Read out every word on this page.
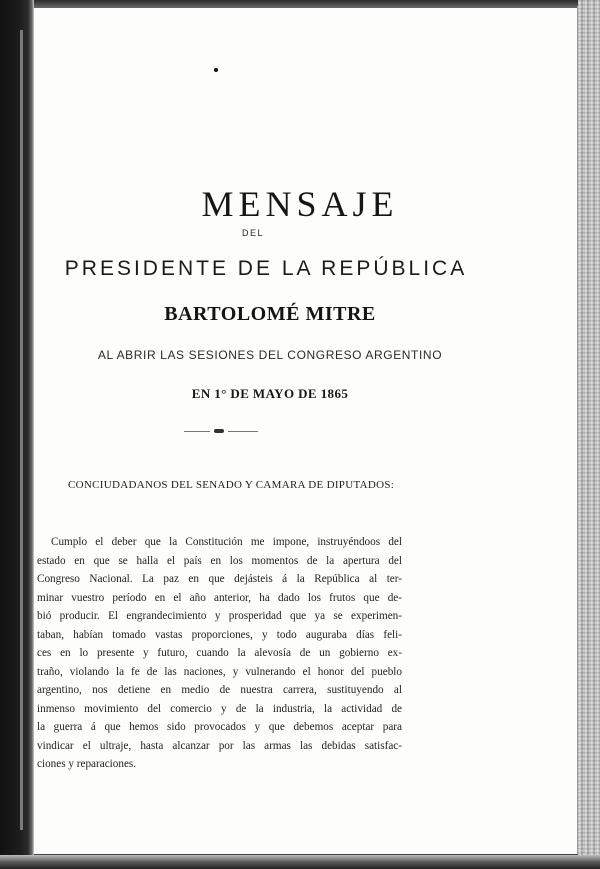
MENSAJE
DEL
PRESIDENTE DE LA REPÚBLICA
BARTOLOMÉ MITRE
AL ABRIR LAS SESIONES DEL CONGRESO ARGENTINO
EN 1° DE MAYO DE 1865
CONCIUDADANOS DEL SENADO Y CAMARA DE DIPUTADOS:
Cumplo el deber que la Constitución me impone, instruyéndoos del
estado en que se halla el país en los momentos de la apertura del
Congreso Nacional. La paz en que dejásteis á la República al ter-
minar vuestro período en el año anterior, ha dado los frutos que de-
bió producir. El engrandecimiento y prosperidad que ya se experimen-
taban, habían tomado vastas proporciones, y todo auguraba días feli-
ces en lo presente y futuro, cuando la alevosía de un gobierno ex-
traño, violando la fe de las naciones, y vulnerando el honor del pueblo
argentino, nos detiene en medio de nuestra carrera, sustituyendo al
inmenso movimiento del comercio y de la industria, la actividad de
la guerra á que hemos sido provocados y que debemos aceptar para
vindicar el ultraje, hasta alcanzar por las armas las debidas satisfac-
ciones y reparaciones.
